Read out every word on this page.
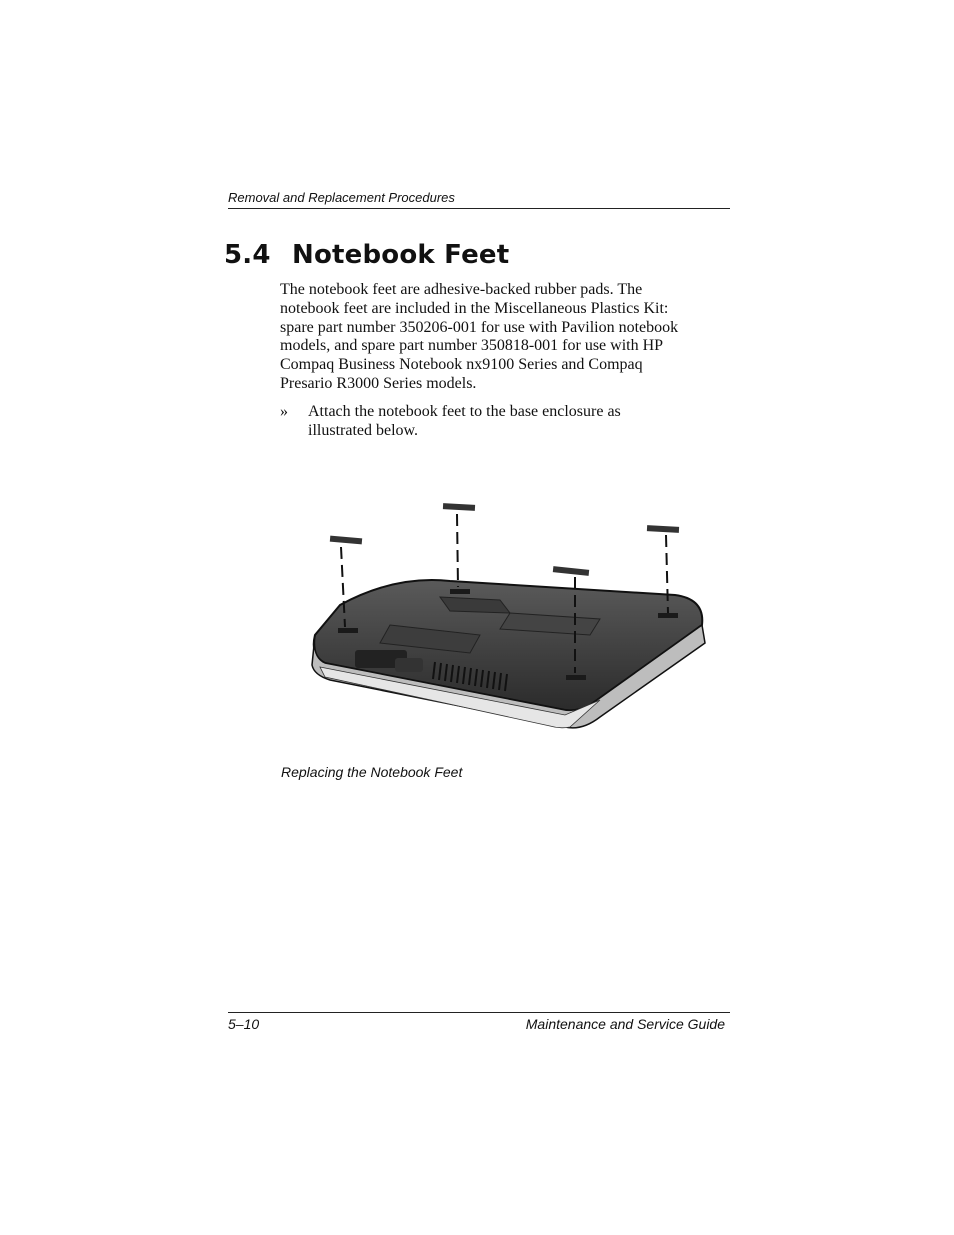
Removal and Replacement Procedures
5.4 Notebook Feet

The notebook feet are adhesive-backed rubber pads. The notebook feet are included in the Miscellaneous Plastics Kit: spare part number 350206-001 for use with Pavilion notebook models, and spare part number 350818-001 for use with HP Compaq Business Notebook nx9100 Series and Compaq Presario R3000 Series models.

»	Attach the notebook feet to the base enclosure as illustrated below.
Replacing the Notebook Feet
5–10	Maintenance and Service Guide
